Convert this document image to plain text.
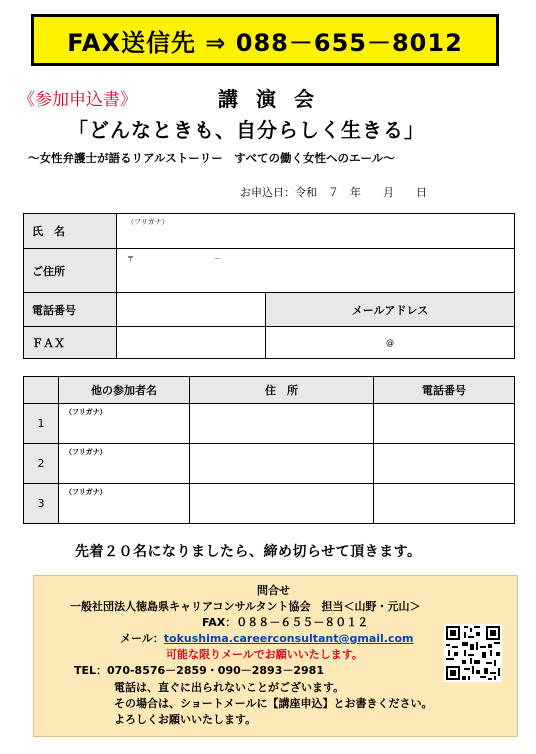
FAX送信先 ⇒ 088－655－8012
《参加申込書》	講演会
「どんなときも、自分らしく生きる」
～女性弁護士が語るリアルストーリー　すべての働く女性へのエール～
お申込日：令和　７　年　　月　　日
氏　名	（フリガナ）	
ご住所	〒 －	
電話番号		メールアドレス
ＦＡＸ		@
	他の参加者名	住　所	電話番号
1	（フリガナ）		
2	（フリガナ）		
3	（フリガナ）		
先着２０名になりましたら、締め切らせて頂きます。
問合せ
一般社団法人徳島県キャリアコンサルタント協会　担当＜山野・元山＞
FAX：０８８－６５５－８０１２
メール：tokushima.careerconsultant@gmail.com
可能な限りメールでお願いいたします。
TEL：070-8576－2859・090－2893－2981
電話は、直ぐに出られないことがございます。
その場合は、ショートメールに【講座申込】とお書きください。
よろしくお願いいたします。
